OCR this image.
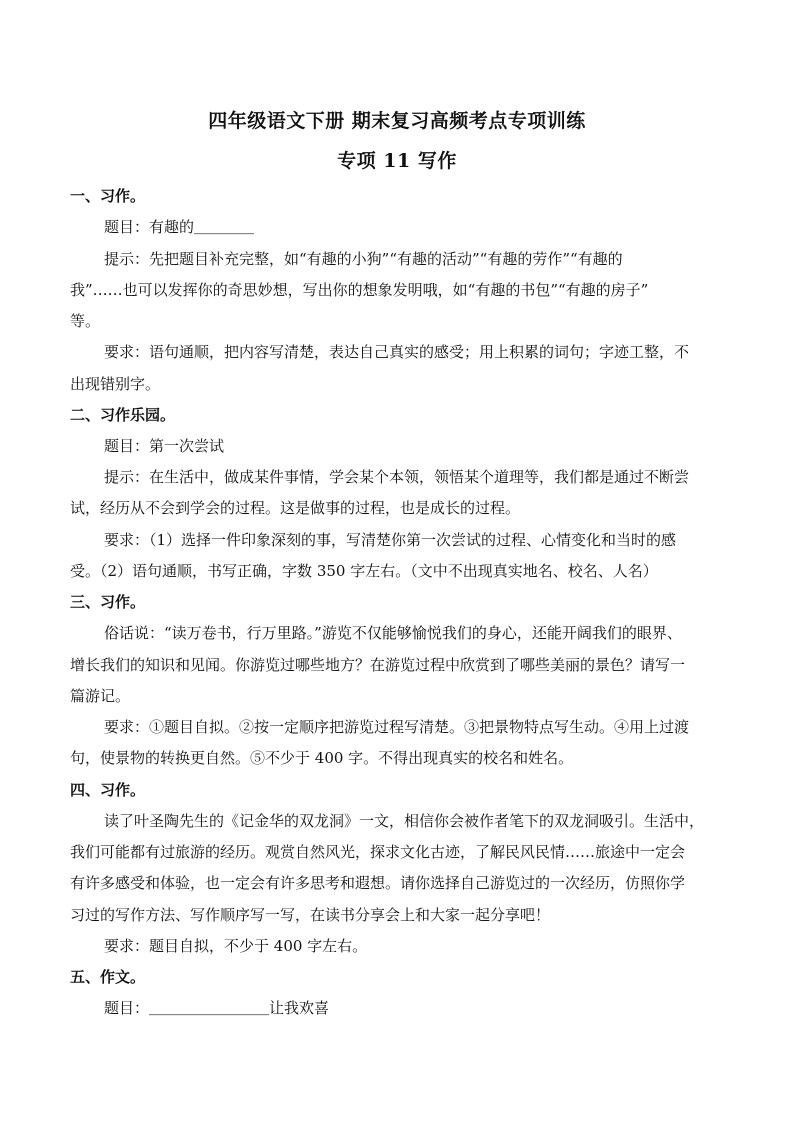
四年级语文下册 期末复习高频考点专项训练
专项 11 写作
一、习作。
题目：有趣的＿＿＿＿
提示：先把题目补充完整，如“有趣的小狗”“有趣的活动”“有趣的劳作”“有趣的
我”……也可以发挥你的奇思妙想，写出你的想象发明哦，如“有趣的书包”“有趣的房子”
等。
要求：语句通顺，把内容写清楚，表达自己真实的感受；用上积累的词句；字迹工整，不
出现错别字。
二、习作乐园。
题目：第一次尝试
提示：在生活中，做成某件事情，学会某个本领，领悟某个道理等，我们都是通过不断尝
试，经历从不会到学会的过程。这是做事的过程，也是成长的过程。
要求：（1）选择一件印象深刻的事，写清楚你第一次尝试的过程、心情变化和当时的感
受。（2）语句通顺，书写正确，字数 350 字左右。（文中不出现真实地名、校名、人名）
三、习作。
俗话说：“读万卷书，行万里路。”游览不仅能够愉悦我们的身心，还能开阔我们的眼界、
增长我们的知识和见闻。你游览过哪些地方？在游览过程中欣赏到了哪些美丽的景色？请写一
篇游记。
要求：①题目自拟。②按一定顺序把游览过程写清楚。③把景物特点写生动。④用上过渡
句，使景物的转换更自然。⑤不少于 400 字。不得出现真实的校名和姓名。
四、习作。
读了叶圣陶先生的《记金华的双龙洞》一文，相信你会被作者笔下的双龙洞吸引。生活中，
我们可能都有过旅游的经历。观赏自然风光，探求文化古迹，了解民风民情……旅途中一定会
有许多感受和体验，也一定会有许多思考和遐想。请你选择自己游览过的一次经历，仿照你学
习过的写作方法、写作顺序写一写，在读书分享会上和大家一起分享吧！
要求：题目自拟，不少于 400 字左右。
五、作文。
题目：＿＿＿＿＿＿＿＿让我欢喜
